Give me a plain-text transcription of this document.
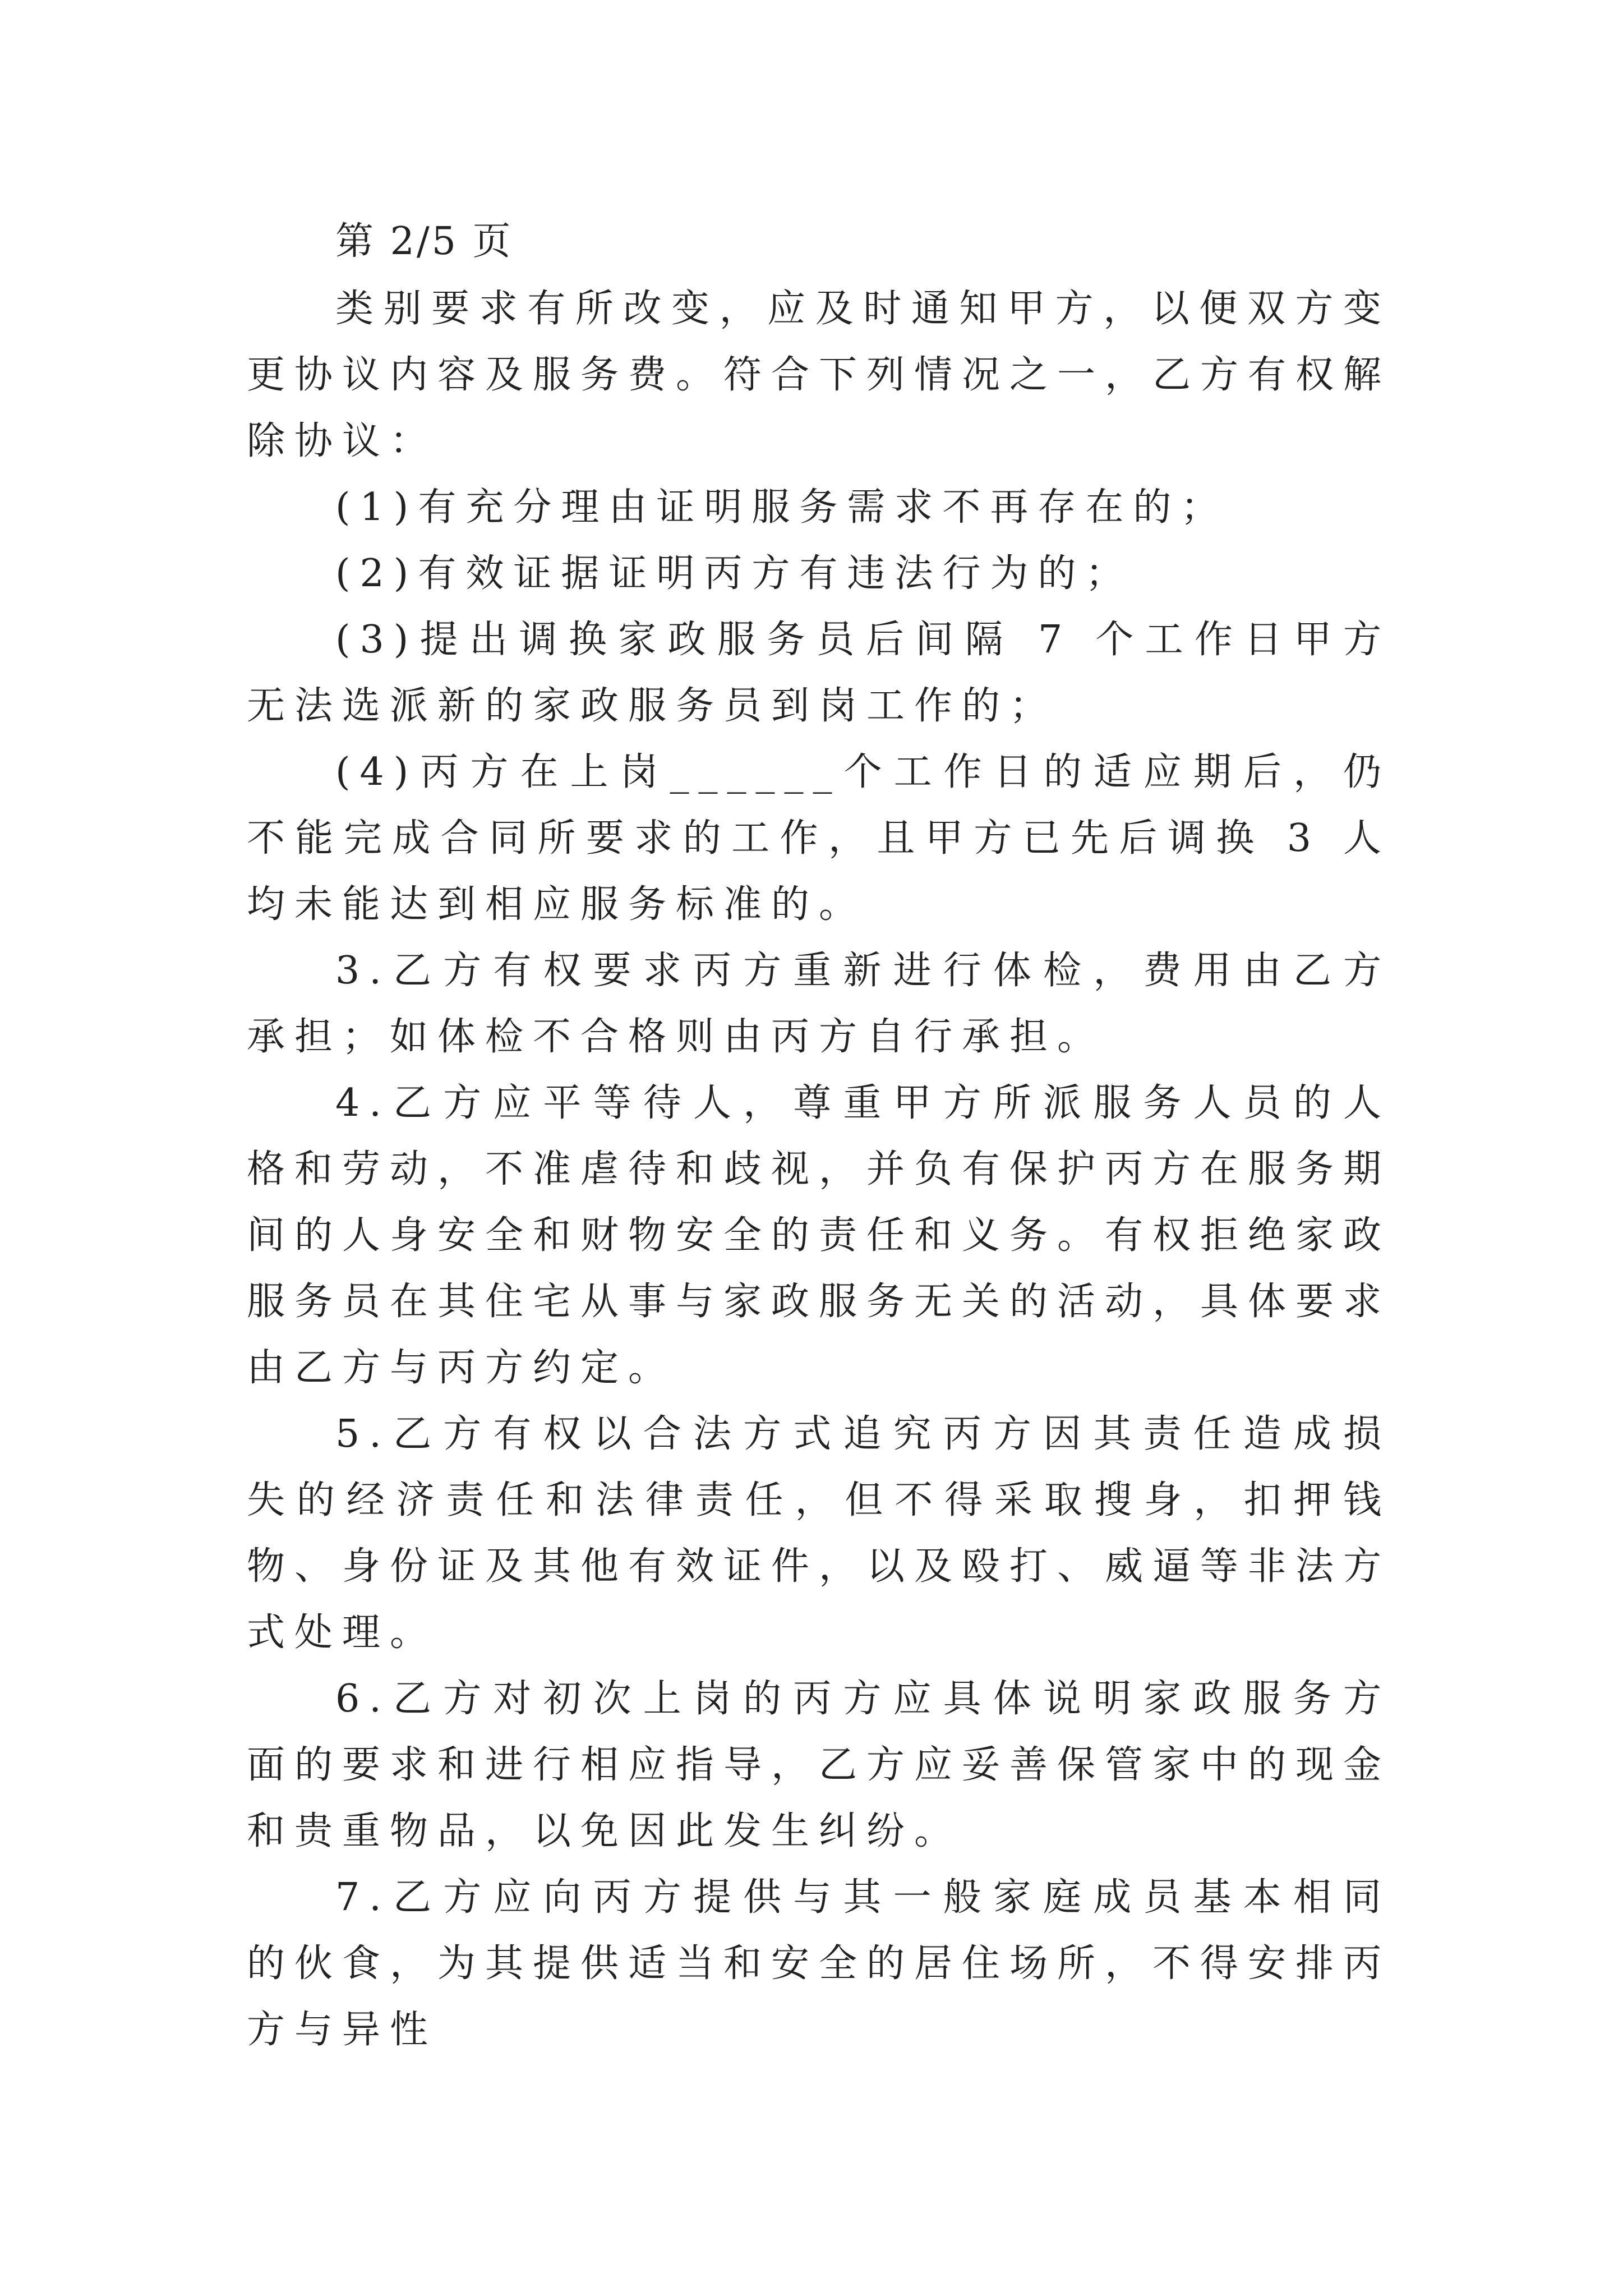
第 2/5 页

类别要求有所改变，应及时通知甲方，以便双方变更协议内容及服务费。符合下列情况之一，乙方有权解除协议：

(1)有充分理由证明服务需求不再存在的；

(2)有效证据证明丙方有违法行为的；

(3)提出调换家政服务员后间隔 7 个工作日甲方无法选派新的家政服务员到岗工作的；

(4)丙方在上岗______个工作日的适应期后，仍不能完成合同所要求的工作，且甲方已先后调换 3 人均未能达到相应服务标准的。

3.乙方有权要求丙方重新进行体检，费用由乙方承担；如体检不合格则由丙方自行承担。

4.乙方应平等待人，尊重甲方所派服务人员的人格和劳动，不准虐待和歧视，并负有保护丙方在服务期间的人身安全和财物安全的责任和义务。有权拒绝家政服务员在其住宅从事与家政服务无关的活动，具体要求由乙方与丙方约定。

5.乙方有权以合法方式追究丙方因其责任造成损失的经济责任和法律责任，但不得采取搜身，扣押钱物、身份证及其他有效证件，以及殴打、威逼等非法方式处理。

6.乙方对初次上岗的丙方应具体说明家政服务方面的要求和进行相应指导，乙方应妥善保管家中的现金和贵重物品，以免因此发生纠纷。

7.乙方应向丙方提供与其一般家庭成员基本相同的伙食，为其提供适当和安全的居住场所，不得安排丙方与异性
